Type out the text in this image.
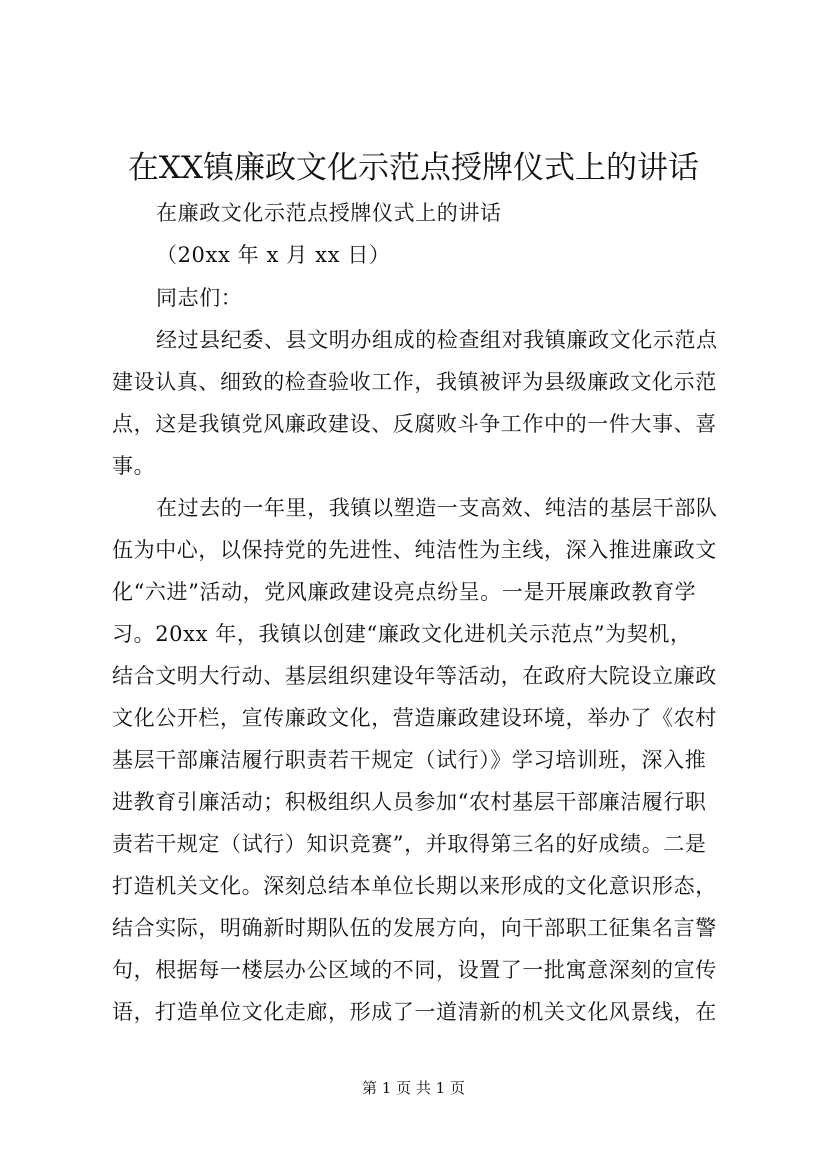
在XX镇廉政文化示范点授牌仪式上的讲话
在廉政文化示范点授牌仪式上的讲话
（20xx 年 x 月 xx 日）
同志们：
经过县纪委、县文明办组成的检查组对我镇廉政文化示范点
建设认真、细致的检查验收工作，我镇被评为县级廉政文化示范
点，这是我镇党风廉政建设、反腐败斗争工作中的一件大事、喜
事。
在过去的一年里，我镇以塑造一支高效、纯洁的基层干部队
伍为中心，以保持党的先进性、纯洁性为主线，深入推进廉政文
化“六进”活动，党风廉政建设亮点纷呈。一是开展廉政教育学
习。20xx 年，我镇以创建“廉政文化进机关示范点”为契机，
结合文明大行动、基层组织建设年等活动，在政府大院设立廉政
文化公开栏，宣传廉政文化，营造廉政建设环境，举办了《农村
基层干部廉洁履行职责若干规定（试行）》学习培训班，深入推
进教育引廉活动；积极组织人员参加“农村基层干部廉洁履行职
责若干规定（试行）知识竞赛”，并取得第三名的好成绩。二是
打造机关文化。深刻总结本单位长期以来形成的文化意识形态，
结合实际，明确新时期队伍的发展方向，向干部职工征集名言警
句，根据每一楼层办公区域的不同，设置了一批寓意深刻的宣传
语，打造单位文化走廊，形成了一道清新的机关文化风景线，在
第 1 页 共 1 页
